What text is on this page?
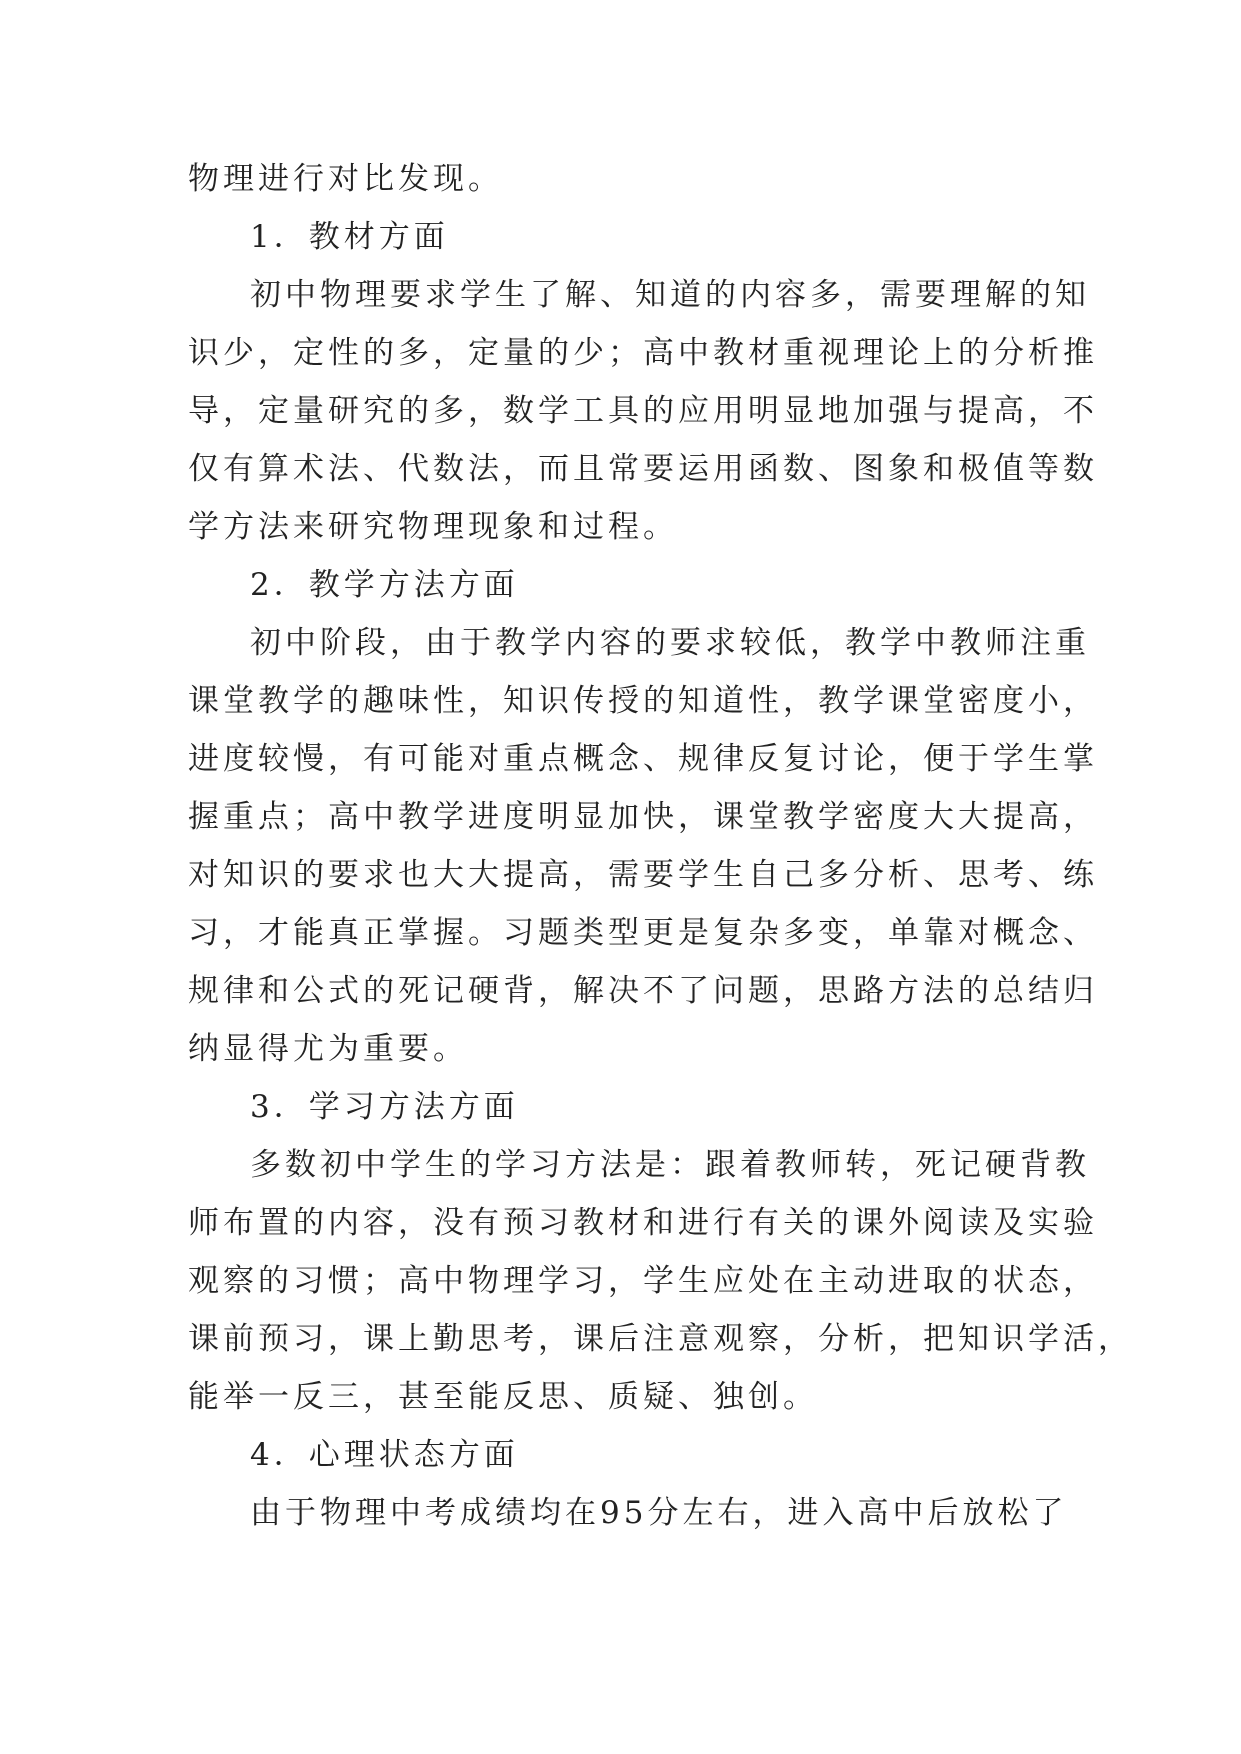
物理进行对比发现。
1．教材方面
初中物理要求学生了解、知道的内容多，需要理解的知
识少，定性的多，定量的少；高中教材重视理论上的分析推
导，定量研究的多，数学工具的应用明显地加强与提高，不
仅有算术法、代数法，而且常要运用函数、图象和极值等数
学方法来研究物理现象和过程。
2．教学方法方面
初中阶段，由于教学内容的要求较低，教学中教师注重
课堂教学的趣味性，知识传授的知道性，教学课堂密度小，
进度较慢，有可能对重点概念、规律反复讨论，便于学生掌
握重点；高中教学进度明显加快，课堂教学密度大大提高，
对知识的要求也大大提高，需要学生自己多分析、思考、练
习，才能真正掌握。习题类型更是复杂多变，单靠对概念、
规律和公式的死记硬背，解决不了问题，思路方法的总结归
纳显得尤为重要。
3．学习方法方面
多数初中学生的学习方法是：跟着教师转，死记硬背教
师布置的内容，没有预习教材和进行有关的课外阅读及实验
观察的习惯；高中物理学习，学生应处在主动进取的状态，
课前预习，课上勤思考，课后注意观察，分析，把知识学活，
能举一反三，甚至能反思、质疑、独创。
4．心理状态方面
由于物理中考成绩均在95分左右，进入高中后放松了
